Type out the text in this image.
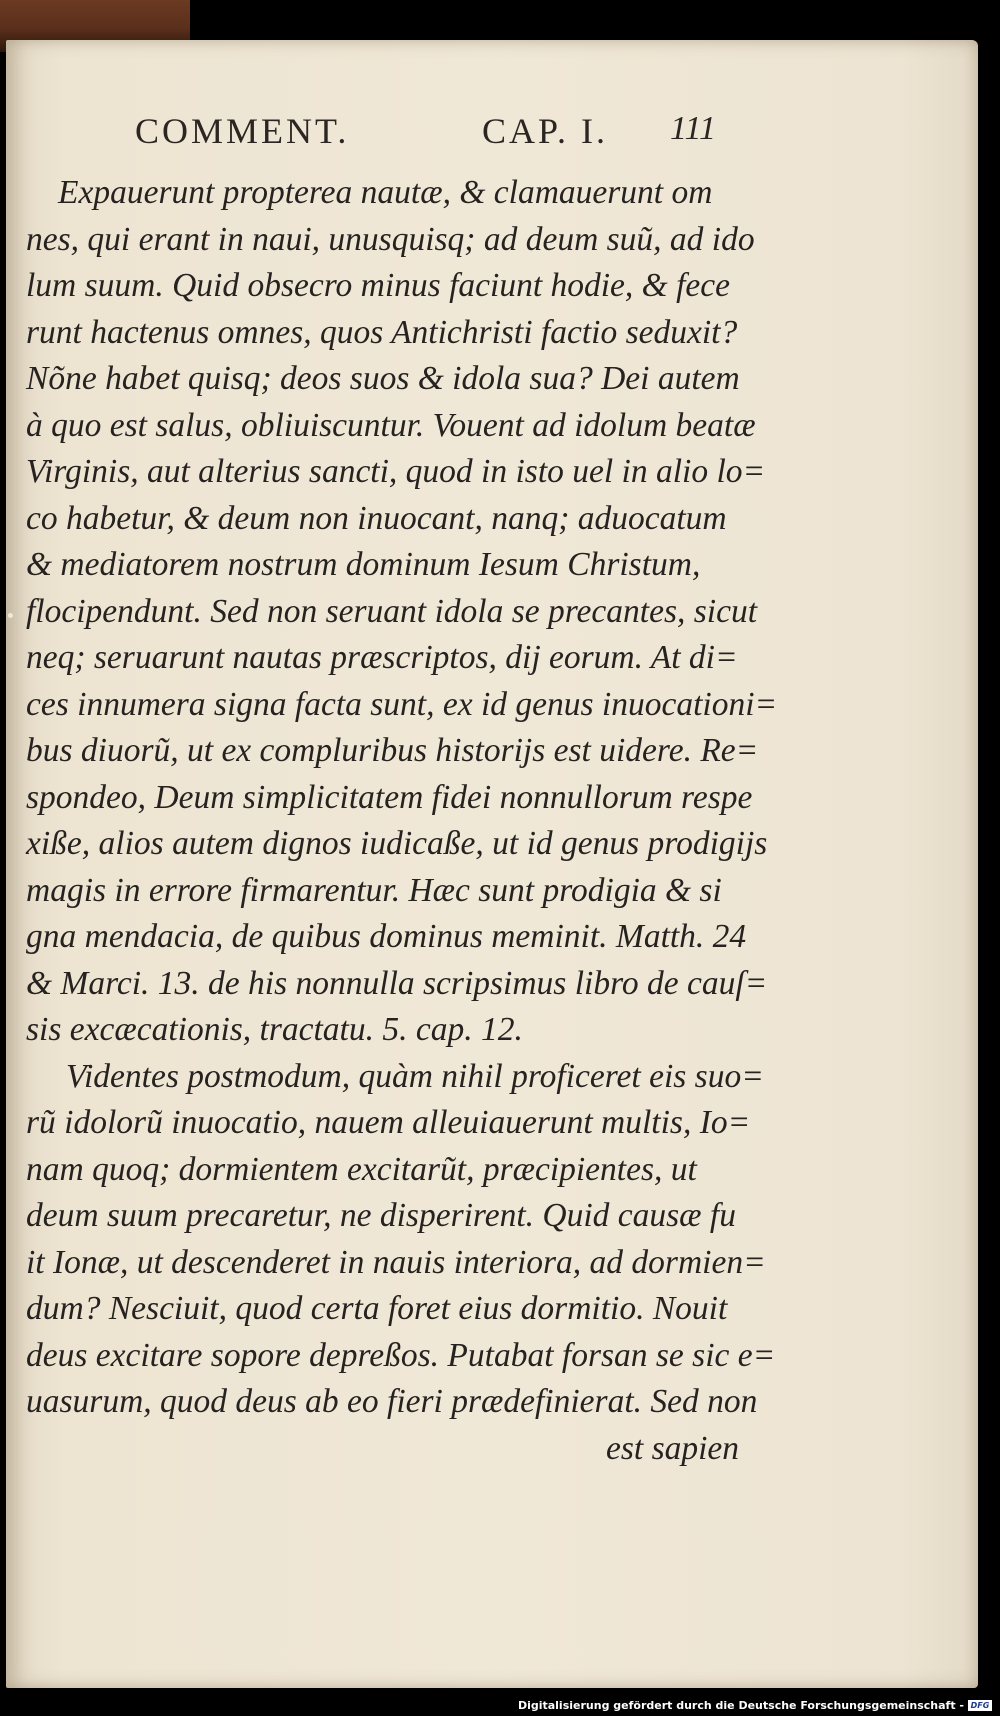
COMMENT.	CAP. I. 111
Expauerunt propterea nautæ, & clamauerunt om
nes, qui erant in naui, unusquisq; ad deum suũ, ad ido
lum suum. Quid obsecro minus faciunt hodie, & fece
runt hactenus omnes, quos Antichristi factio seduxit?
Nõne habet quisq; deos suos & idola sua? Dei autem
à quo est salus, obliuiscuntur. Vouent ad idolum beatæ
Virginis, aut alterius sancti, quod in isto uel in alio lo=
co habetur, & deum non inuocant, nanq; aduocatum
& mediatorem nostrum dominum Iesum Christum,
flocipendunt. Sed non seruant idola se precantes, sicut
neq; seruarunt nautas præscriptos, dij eorum. At di=
ces innumera signa facta sunt, ex id genus inuocationi=
bus diuorũ, ut ex compluribus historijs est uidere. Re=
spondeo, Deum simplicitatem fidei nonnullorum respe
xiße, alios autem dignos iudicaße, ut id genus prodigijs
magis in errore firmarentur. Hæc sunt prodigia & si
gna mendacia, de quibus dominus meminit. Matth. 24
& Marci. 13. de his nonnulla scripsimus libro de cauſ=
sis excæcationis, tractatu. 5. cap. 12.
Videntes postmodum, quàm nihil proficeret eis suo=
rũ idolorũ inuocatio, nauem alleuiauerunt multis, Io=
nam quoq; dormientem excitarũt, præcipientes, ut
deum suum precaretur, ne disperirent. Quid causæ fu
it Ionæ, ut descenderet in nauis interiora, ad dormien=
dum? Nesciuit, quod certa foret eius dormitio. Nouit
deus excitare sopore depreßos. Putabat forsan se sic e=
uasurum, quod deus ab eo fieri prædefinierat. Sed non
est sapien
Digitalisierung gefördert durch die Deutsche Forschungsgemeinschaft - DFG
